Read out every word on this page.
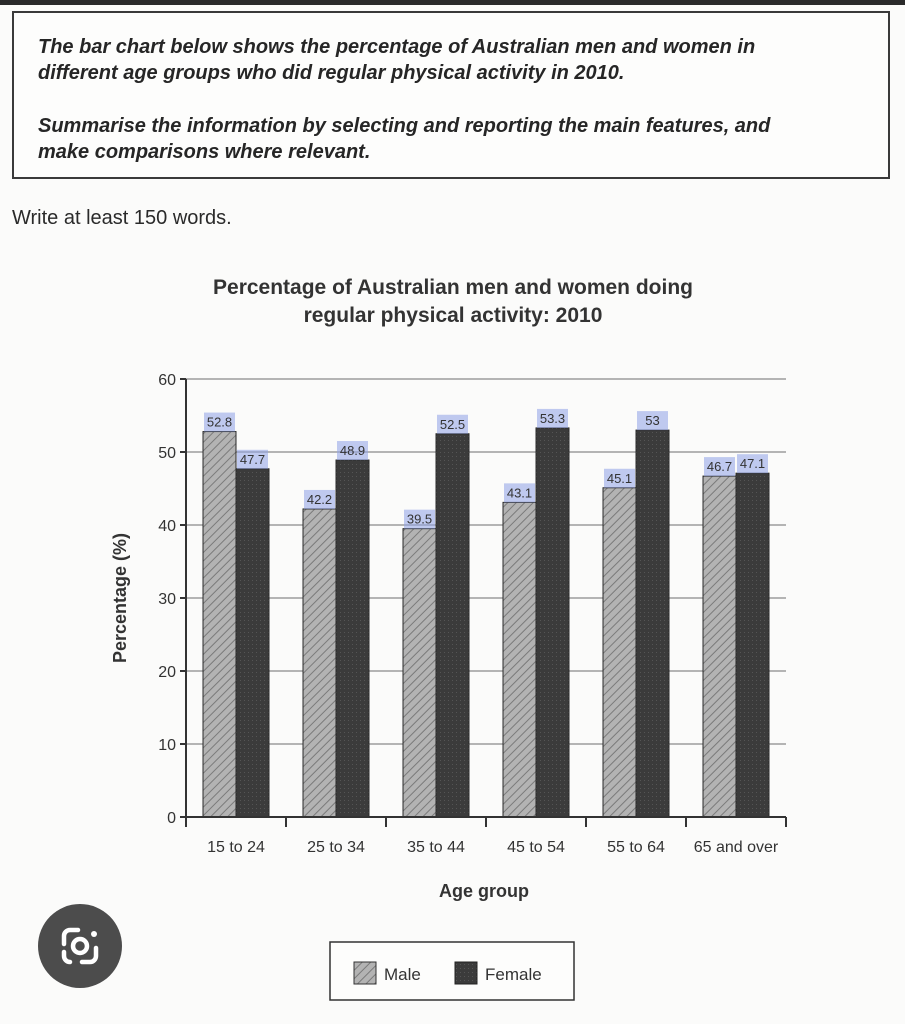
The bar chart below shows the percentage of Australian men and women in

different age groups who did regular physical activity in 2010.

Summarise the information by selecting and reporting the main features, and

make comparisons where relevant.

Write at least 150 words.

Percentage of Australian men and women doing
regular physical activity: 2010
0
10
20
30
40
50
60
52.8
47.7
42.2
48.9
39.5
52.5
43.1
53.3
45.1
53
46.7 47.1
15 to 24	25 to 34	35 to 44	45 to 54	55 to 64 65 and over
Age group
Percentage (%)
Male	Female
